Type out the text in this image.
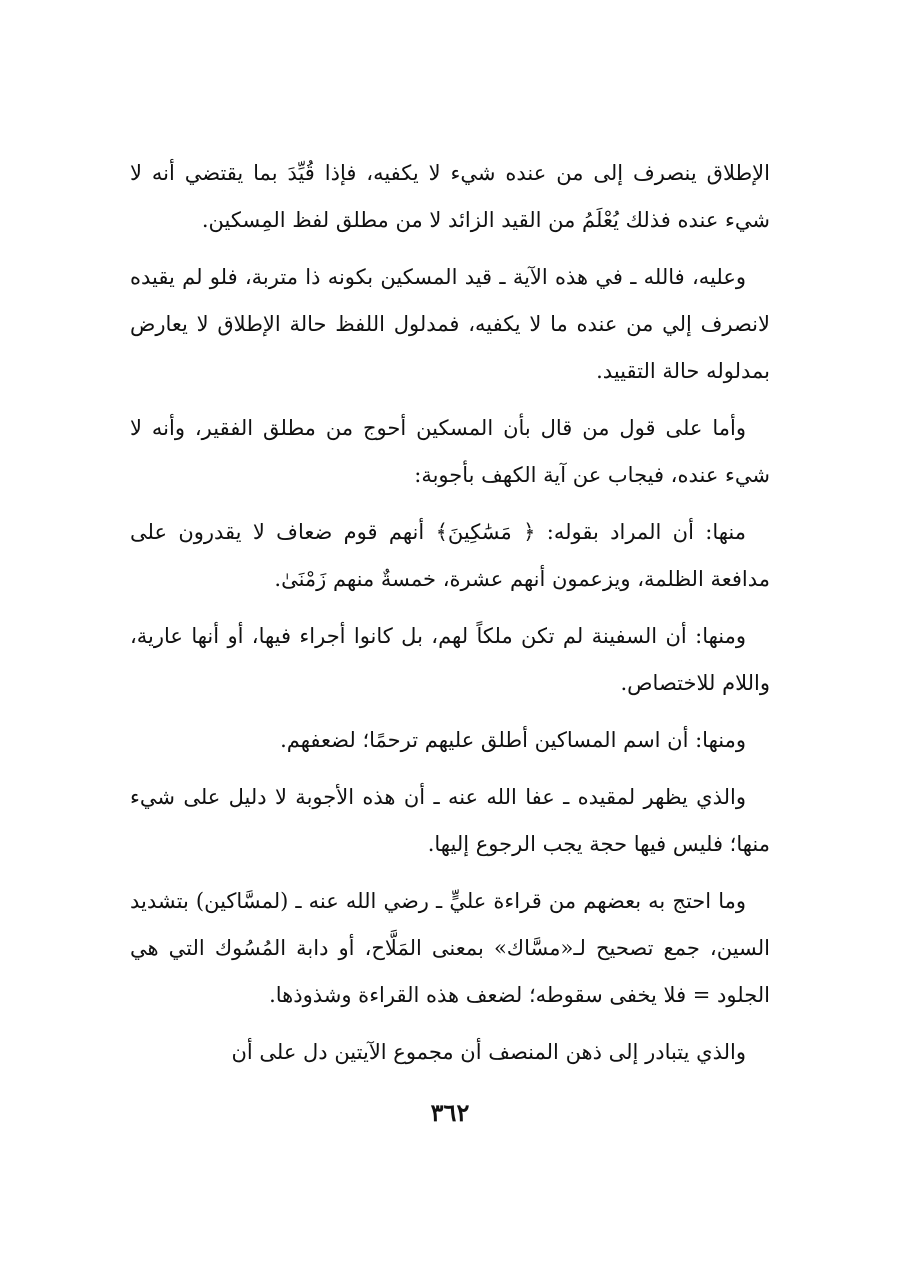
الإطلاق ينصرف إلى من عنده شيء لا يكفيه، فإذا قُيِّدَ بما يقتضي أنه لا شيء عنده فذلك يُعْلَمُ من القيد الزائد لا من مطلق لفظ المِسكين.

وعليه، فالله ـ في هذه الآية ـ قيد المسكين بكونه ذا متربة، فلو لم يقيده لانصرف إلي من عنده ما لا يكفيه، فمدلول اللفظ حالة الإطلاق لا يعارض بمدلوله حالة التقييد.

وأما على قول من قال بأن المسكين أحوج من مطلق الفقير، وأنه لا شيء عنده، فيجاب عن آية الكهف بأجوبة:

منها: أن المراد بقوله: ﴿ مَسَٰكِينَ﴾ أنهم قوم ضعاف لا يقدرون على مدافعة الظلمة، ويزعمون أنهم عشرة، خمسةٌ منهم زَمْنَىٰ.

ومنها: أن السفينة لم تكن ملكاً لهم، بل كانوا أجراء فيها، أو أنها عارية، واللام للاختصاص.

ومنها: أن اسم المساكين أطلق عليهم ترحمًا؛ لضعفهم.

والذي يظهر لمقيده ـ عفا الله عنه ـ أن هذه الأجوبة لا دليل على شيء منها؛ فليس فيها حجة يجب الرجوع إليها.

وما احتج به بعضهم من قراءة عليٍّ ـ رضي الله عنه ـ (لمسَّاكين) بتشديد السين، جمع تصحيح لـ«مسَّاك» بمعنى المَلَّاح، أو دابة المُسُوك التي هي الجلود = فلا يخفى سقوطه؛ لضعف هذه القراءة وشذوذها.

والذي يتبادر إلى ذهن المنصف أن مجموع الآيتين دل على أن

٣٦٢
